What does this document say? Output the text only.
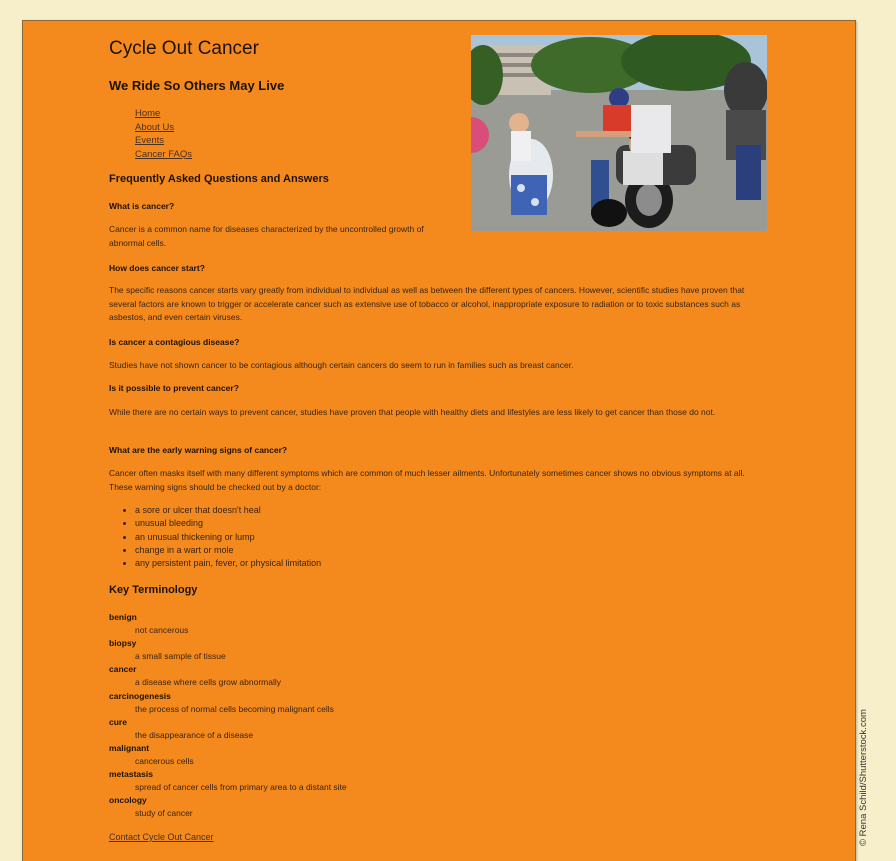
Cycle Out Cancer
We Ride So Others May Live
Home
About Us
Events
Cancer FAQs
Frequently Asked Questions and Answers

What is cancer?

Cancer is a common name for diseases characterized by the uncontrolled growth of abnormal cells.

How does cancer start?

The specific reasons cancer starts vary greatly from individual to individual as well as between the different types of cancers. However, scientific studies have proven that several factors are known to trigger or accelerate cancer such as extensive use of tobacco or alcohol, inappropriate exposure to radiation or to toxic substances such as asbestos, and even certain viruses.

Is cancer a contagious disease?

Studies have not shown cancer to be contagious although certain cancers do seem to run in families such as breast cancer.

Is it possible to prevent cancer?

While there are no certain ways to prevent cancer, studies have proven that people with healthy diets and lifestyles are less likely to get cancer than those do not.

What are the early warning signs of cancer?

Cancer often masks itself with many different symptoms which are common of much lesser ailments. Unfortunately sometimes cancer shows no obvious symptoms at all. These warning signs should be checked out by a doctor:

• a sore or ulcer that doesn't heal
• unusual bleeding
• an unusual thickening or lump
• change in a wart or mole
• any persistent pain, fever, or physical limitation
Key Terminology
benign
not cancerous
biopsy
a small sample of tissue
cancer
a disease where cells grow abnormally
carcinogenesis
the process of normal cells becoming malignant cells
cure
the disappearance of a disease
malignant
cancerous cells
metastasis
spread of cancer cells from primary area to a distant site
oncology
study of cancer
Contact Cycle Out Cancer	© Rena Schild/Shutterstock.com
